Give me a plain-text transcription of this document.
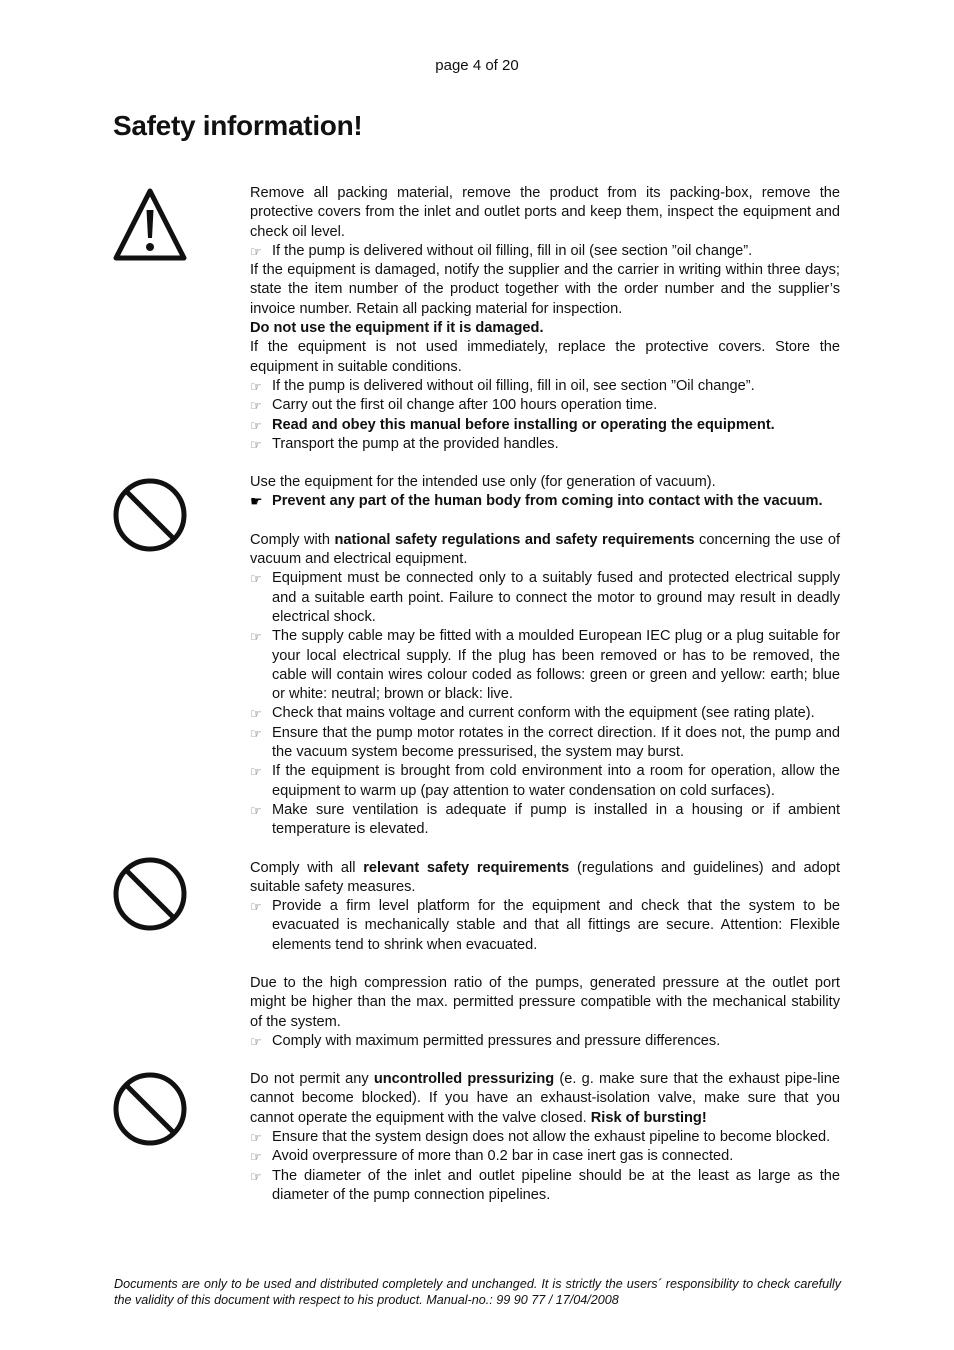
page 4 of 20
Safety information!

Remove all packing material, remove the product from its packing-box, remove the protective covers from the inlet and outlet ports and keep them, inspect the equipment and check oil level.

☞ If the pump is delivered without oil filling, fill in oil (see section ”oil change”.

If the equipment is damaged, notify the supplier and the carrier in writing within three days; state the item number of the product together with the order number and the supplier’s invoice number. Retain all packing material for inspection.

Do not use the equipment if it is damaged.

If the equipment is not used immediately, replace the protective covers. Store the equipment in suitable conditions.

☞ If the pump is delivered without oil filling, fill in oil, see section ”Oil change”.
☞ Carry out the first oil change after 100 hours operation time.
☞ Read and obey this manual before installing or operating the equipment.
☞ Transport the pump at the provided handles.

Use the equipment for the intended use only (for generation of vacuum).

☛ Prevent any part of the human body from coming into contact with the vacuum.

Comply with national safety regulations and safety requirements concerning the use of vacuum and electrical equipment.

☞ Equipment must be connected only to a suitably fused and protected electrical supply and a suitable earth point. Failure to connect the motor to ground may result in deadly electrical shock.
☞ The supply cable may be fitted with a moulded European IEC plug or a plug suitable for your local electrical supply. If the plug has been removed or has to be removed, the cable will contain wires colour coded as follows: green or green and yellow: earth; blue or white: neutral; brown or black: live.
☞ Check that mains voltage and current conform with the equipment (see rating plate).
☞ Ensure that the pump motor rotates in the correct direction. If it does not, the pump and the vacuum system become pressurised, the system may burst.
☞ If the equipment is brought from cold environment into a room for operation, allow the equipment to warm up (pay attention to water condensation on cold surfaces).
☞ Make sure ventilation is adequate if pump is installed in a housing or if ambient temperature is elevated.

Comply with all relevant safety requirements (regulations and guidelines) and adopt suitable safety measures.

☞ Provide a firm level platform for the equipment and check that the system to be evacuated is mechanically stable and that all fittings are secure. Attention: Flexible elements tend to shrink when evacuated.

Due to the high compression ratio of the pumps, generated pressure at the outlet port might be higher than the max. permitted pressure compatible with the mechanical stability of the system.

☞ Comply with maximum permitted pressures and pressure differences.

Do not permit any uncontrolled pressurizing (e. g. make sure that the exhaust pipe-line cannot become blocked). If you have an exhaust-isolation valve, make sure that you cannot operate the equipment with the valve closed. Risk of bursting!

☞ Ensure that the system design does not allow the exhaust pipeline to become blocked.
☞ Avoid overpressure of more than 0.2 bar in case inert gas is connected.
☞ The diameter of the inlet and outlet pipeline should be at the least as large as the diameter of the pump connection pipelines.
Documents are only to be used and distributed completely and unchanged. It is strictly the users´ responsibility to check carefully the validity of this document with respect to his product. Manual-no.: 99 90 77 / 17/04/2008
